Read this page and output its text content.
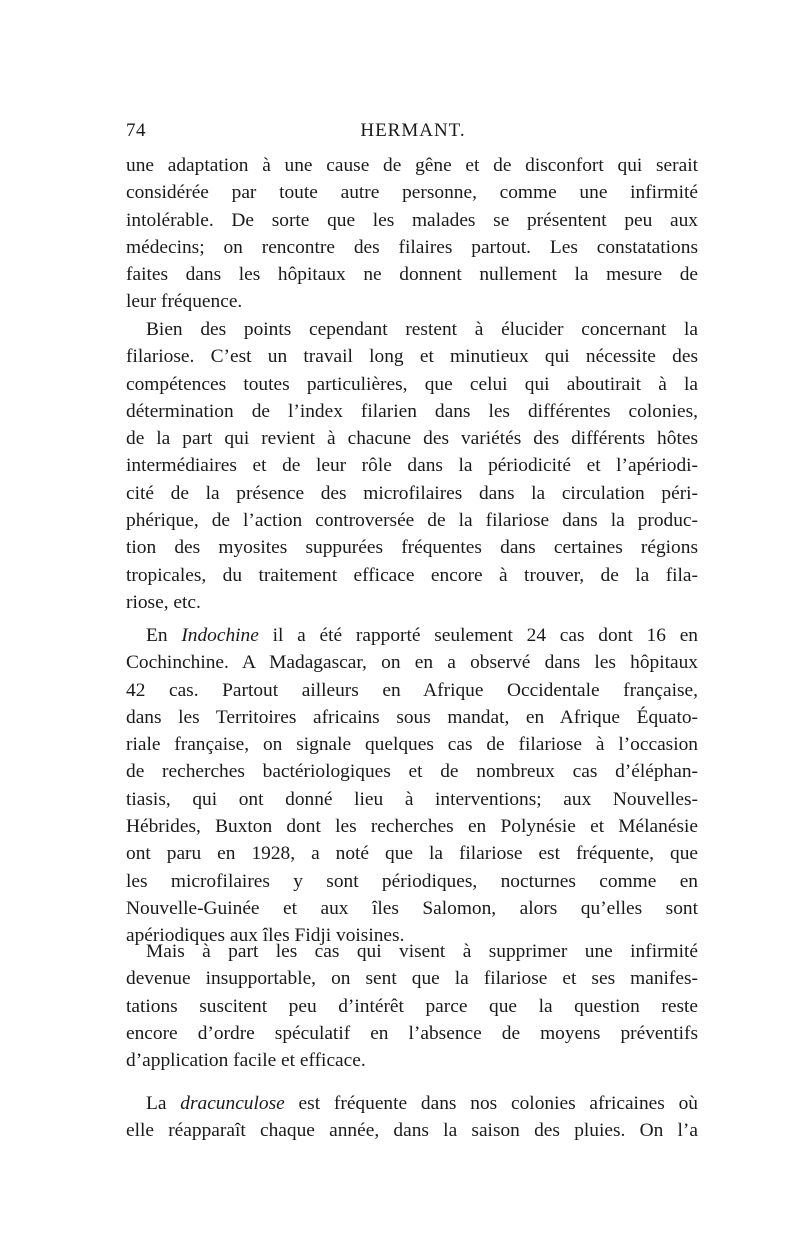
74	HERMANT.
une adaptation à une cause de gêne et de disconfort qui serait
considérée par toute autre personne, comme une infirmité
intolérable. De sorte que les malades se présentent peu aux
médecins; on rencontre des filaires partout. Les constatations
faites dans les hôpitaux ne donnent nullement la mesure de
leur fréquence.
Bien des points cependant restent à élucider concernant la
filariose. C’est un travail long et minutieux qui nécessite des
compétences toutes particulières, que celui qui aboutirait à la
détermination de l’index filarien dans les différentes colonies,
de la part qui revient à chacune des variétés des différents hôtes
intermédiaires et de leur rôle dans la périodicité et l’apériodi-
cité de la présence des microfilaires dans la circulation péri-
phérique, de l’action controversée de la filariose dans la produc-
tion des myosites suppurées fréquentes dans certaines régions
tropicales, du traitement efficace encore à trouver, de la fila-
riose, etc.
En Indochine il a été rapporté seulement 24 cas dont 16 en
Cochinchine. A Madagascar, on en a observé dans les hôpitaux
42 cas. Partout ailleurs en Afrique Occidentale française,
dans les Territoires africains sous mandat, en Afrique Équato-
riale française, on signale quelques cas de filariose à l’occasion
de recherches bactériologiques et de nombreux cas d’éléphan-
tiasis, qui ont donné lieu à interventions; aux Nouvelles-
Hébrides, Buxton dont les recherches en Polynésie et Mélanésie
ont paru en 1928, a noté que la filariose est fréquente, que
les microfilaires y sont périodiques, nocturnes comme en
Nouvelle-Guinée et aux îles Salomon, alors qu’elles sont
apériodiques aux îles Fidji voisines.
Mais à part les cas qui visent à supprimer une infirmité
devenue insupportable, on sent que la filariose et ses manifes-
tations suscitent peu d’intérêt parce que la question reste
encore d’ordre spéculatif en l’absence de moyens préventifs
d’application facile et efficace.
La dracunculose est fréquente dans nos colonies africaines où
elle réapparaît chaque année, dans la saison des pluies. On l’a
